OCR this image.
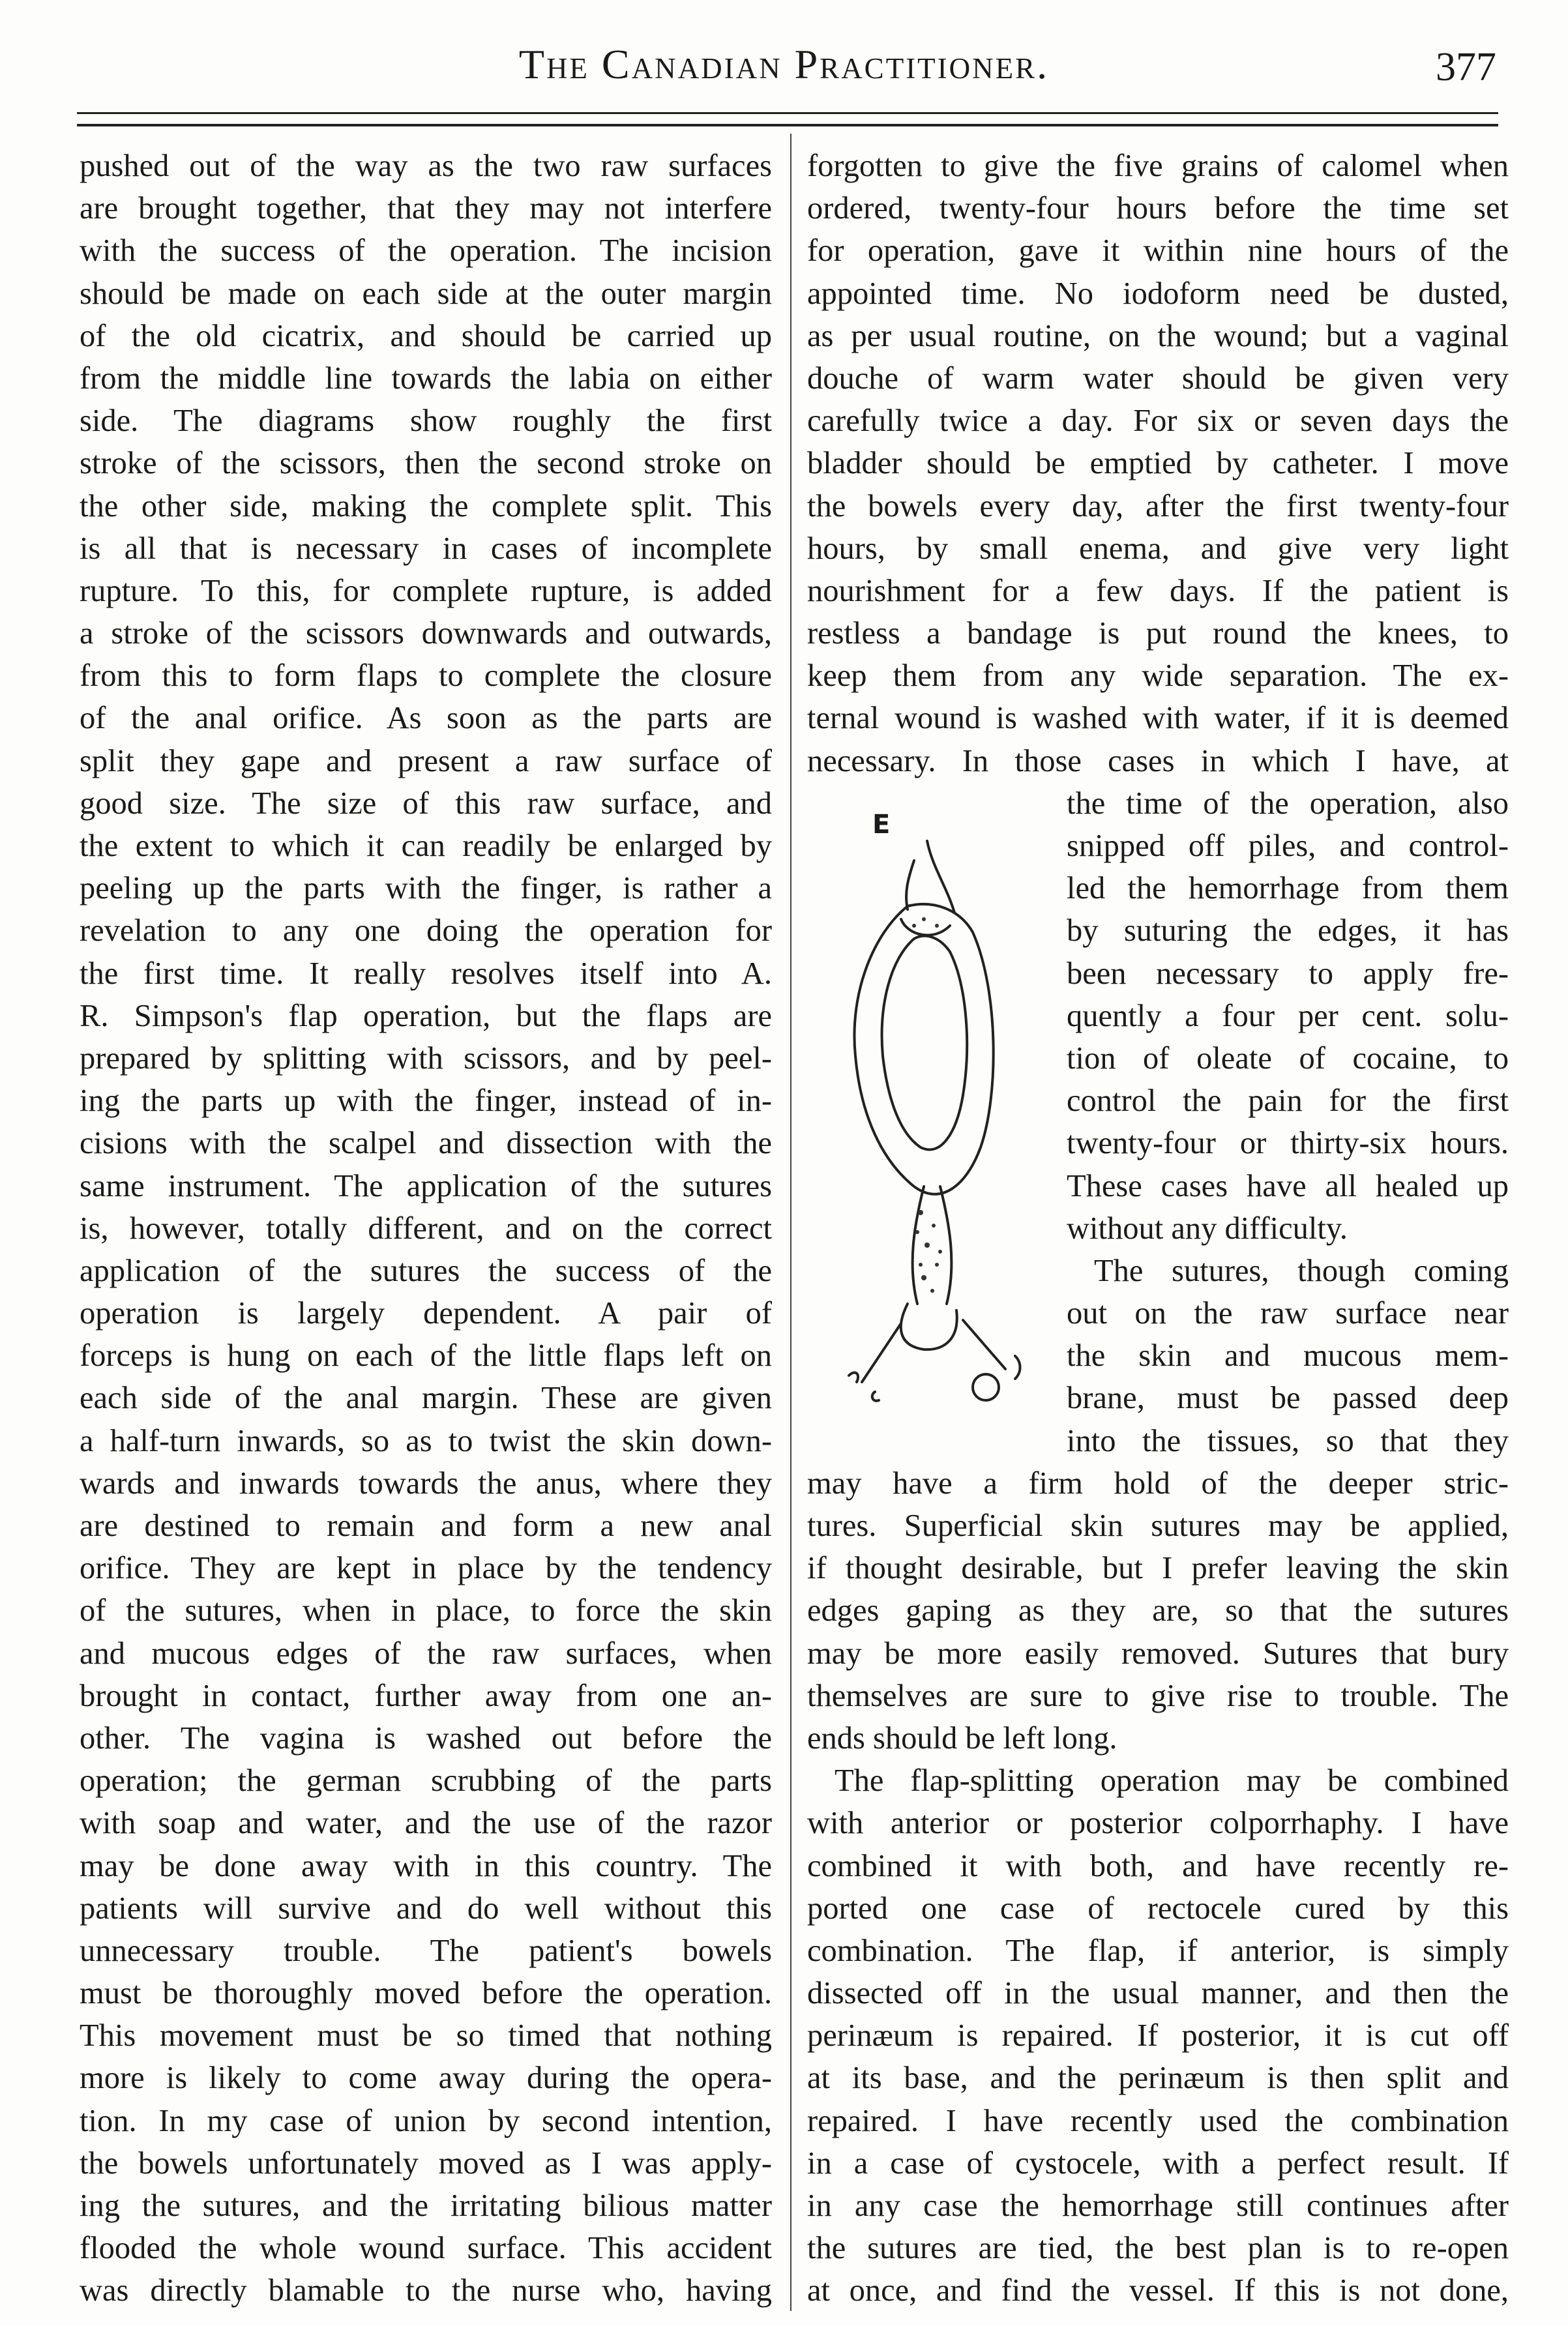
The Canadian Practitioner.	377
pushed out of the way as the two raw surfaces
are brought together, that they may not interfere
with the success of the operation. The incision
should be made on each side at the outer margin
of the old cicatrix, and should be carried up
from the middle line towards the labia on either
side. The diagrams show roughly the first
stroke of the scissors, then the second stroke on
the other side, making the complete split. This
is all that is necessary in cases of incomplete
rupture. To this, for complete rupture, is added
a stroke of the scissors downwards and outwards,
from this to form flaps to complete the closure
of the anal orifice. As soon as the parts are
split they gape and present a raw surface of
good size. The size of this raw surface, and
the extent to which it can readily be enlarged by
peeling up the parts with the finger, is rather a
revelation to any one doing the operation for
the first time. It really resolves itself into A.
R. Simpson's flap operation, but the flaps are
prepared by splitting with scissors, and by peel-
ing the parts up with the finger, instead of in-
cisions with the scalpel and dissection with the
same instrument. The application of the sutures
is, however, totally different, and on the correct
application of the sutures the success of the
operation is largely dependent. A pair of
forceps is hung on each of the little flaps left on
each side of the anal margin. These are given
a half-turn inwards, so as to twist the skin down-
wards and inwards towards the anus, where they
are destined to remain and form a new anal
orifice. They are kept in place by the tendency
of the sutures, when in place, to force the skin
and mucous edges of the raw surfaces, when
brought in contact, further away from one an-
other. The vagina is washed out before the
operation; the german scrubbing of the parts
with soap and water, and the use of the razor
may be done away with in this country. The
patients will survive and do well without this
unnecessary trouble. The patient's bowels
must be thoroughly moved before the operation.
This movement must be so timed that nothing
more is likely to come away during the opera-
tion. In my case of union by second intention,
the bowels unfortunately moved as I was apply-
ing the sutures, and the irritating bilious matter
flooded the whole wound surface. This accident
was directly blamable to the nurse who, having
forgotten to give the five grains of calomel when
ordered, twenty-four hours before the time set
for operation, gave it within nine hours of the
appointed time. No iodoform need be dusted,
as per usual routine, on the wound; but a vaginal
douche of warm water should be given very
carefully twice a day. For six or seven days the
bladder should be emptied by catheter. I move
the bowels every day, after the first twenty-four
hours, by small enema, and give very light
nourishment for a few days. If the patient is
restless a bandage is put round the knees, to
keep them from any wide separation. The ex-
ternal wound is washed with water, if it is deemed
necessary. In those cases in which I have, at
the time of the operation, also
snipped off piles, and control-
led the hemorrhage from them
by suturing the edges, it has
been necessary to apply fre-
quently a four per cent. solu-
tion of oleate of cocaine, to
control the pain for the first
twenty-four or thirty-six hours.
These cases have all healed up
without any difficulty.
The sutures, though coming
out on the raw surface near
the skin and mucous mem-
brane, must be passed deep
into the tissues, so that they
may have a firm hold of the deeper stric-
tures. Superficial skin sutures may be applied,
if thought desirable, but I prefer leaving the skin
edges gaping as they are, so that the sutures
may be more easily removed. Sutures that bury
themselves are sure to give rise to trouble. The
ends should be left long.
The flap-splitting operation may be combined
with anterior or posterior colporrhaphy. I have
combined it with both, and have recently re-
ported one case of rectocele cured by this
combination. The flap, if anterior, is simply
dissected off in the usual manner, and then the
perinæum is repaired. If posterior, it is cut off
at its base, and the perinæum is then split and
repaired. I have recently used the combination
in a case of cystocele, with a perfect result. If
in any case the hemorrhage still continues after
the sutures are tied, the best plan is to re-open
at once, and find the vessel. If this is not done,
E
